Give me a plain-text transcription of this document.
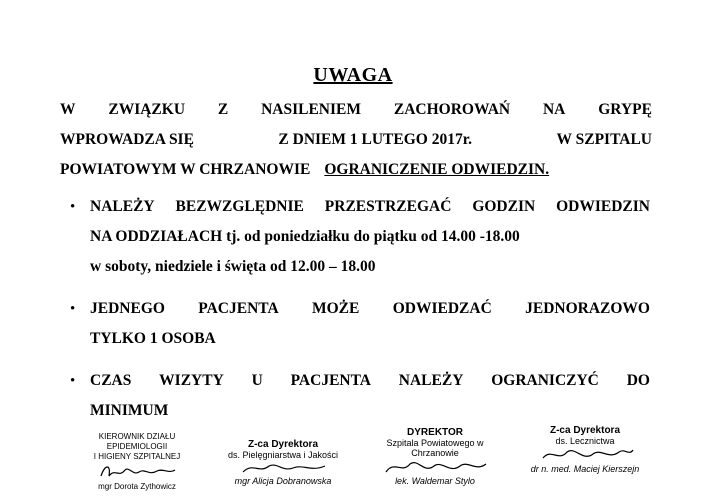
UWAGA
W ZWIĄZKU Z NASILENIEM ZACHOROWAŃ NA GRYPĘ
WPROWADZA SIĘ	Z DNIEM 1 LUTEGO 2017r.	W SZPITALU
POWIATOWYM W CHRZANOWIE OGRANICZENIE ODWIEDZIN.
• NALEŻY BEZWZGLĘDNIE PRZESTRZEGAĆ GODZIN ODWIEDZIN
NA ODDZIAŁACH tj. od poniedziałku do piątku od 14.00 -18.00
w soboty, niedziele i święta od 12.00 – 18.00
• JEDNEGO PACJENTA MOŻE ODWIEDZAĆ JEDNORAZOWO
TYLKO 1 OSOBA
• CZAS WIZYTY U PACJENTA NALEŻY OGRANICZYĆ DO
MINIMUM
KIEROWNIK DZIAŁU EPIDEMIOLOGII
I HIGIENY SZPITALNEJ
mgr Dorota Zythowicz
Z-ca Dyrektora
ds. Pielęgniarstwa i Jakości
mgr Alicja Dobranowska
DYREKTOR
Szpitala Powiatowego w Chrzanowie
lek. Waldemar Stylo
Z-ca Dyrektora
ds. Lecznictwa
dr n. med. Maciej Kierszejn
